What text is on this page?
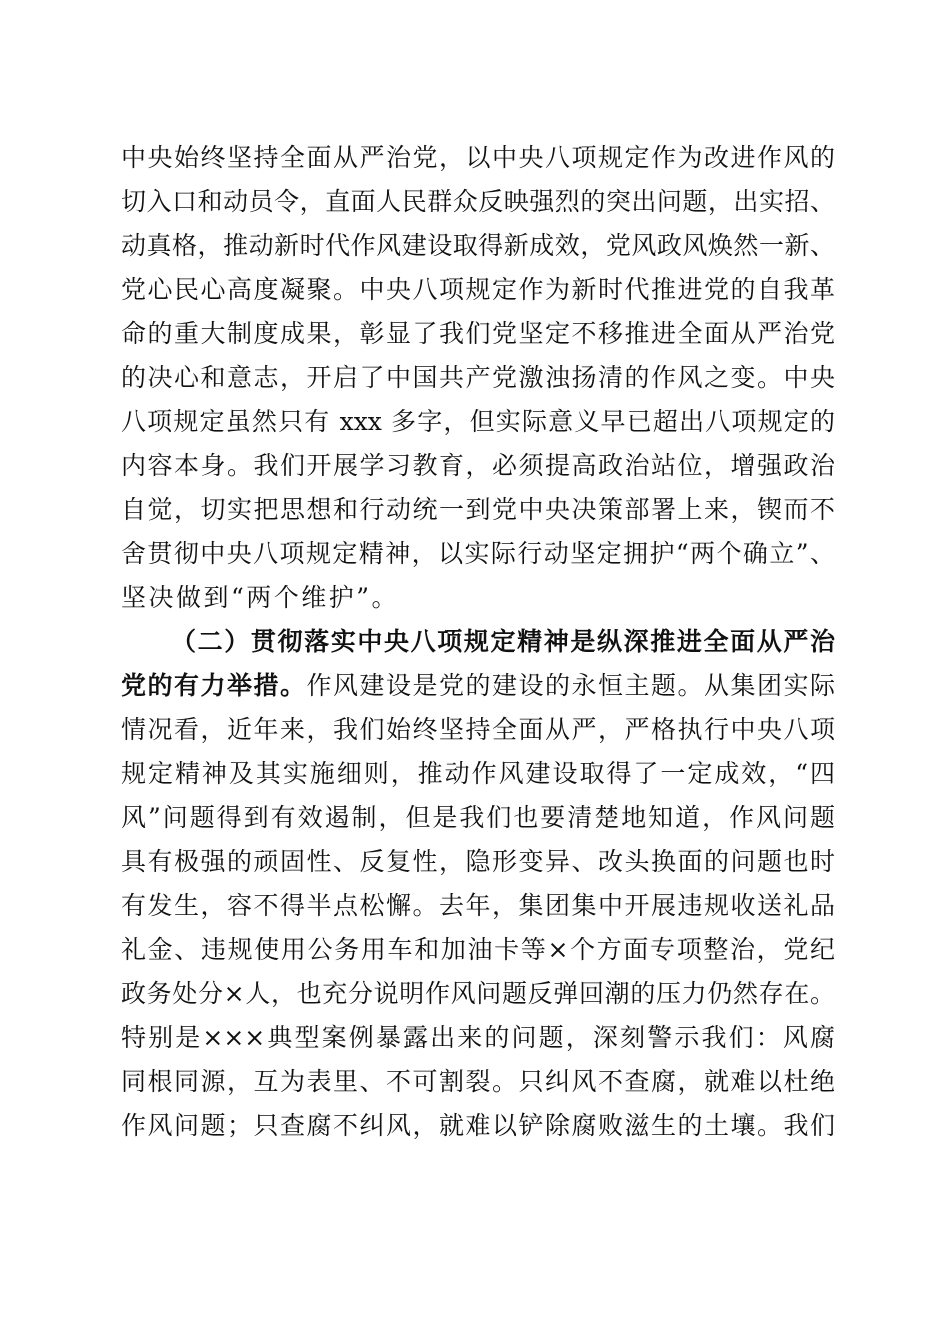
中央始终坚持全面从严治党，以中央八项规定作为改进作风的
切入口和动员令，直面人民群众反映强烈的突出问题，出实招、
动真格，推动新时代作风建设取得新成效，党风政风焕然一新、
党心民心高度凝聚。中央八项规定作为新时代推进党的自我革
命的重大制度成果，彰显了我们党坚定不移推进全面从严治党
的决心和意志，开启了中国共产党激浊扬清的作风之变。中央
八项规定虽然只有 xxx 多字，但实际意义早已超出八项规定的
内容本身。我们开展学习教育，必须提高政治站位，增强政治
自觉，切实把思想和行动统一到党中央决策部署上来，锲而不
舍贯彻中央八项规定精神，以实际行动坚定拥护“两个确立”、
坚决做到“两个维护”。
（二）贯彻落实中央八项规定精神是纵深推进全面从严治
党的有力举措。作风建设是党的建设的永恒主题。从集团实际
情况看，近年来，我们始终坚持全面从严，严格执行中央八项
规定精神及其实施细则，推动作风建设取得了一定成效，“四
风”问题得到有效遏制，但是我们也要清楚地知道，作风问题
具有极强的顽固性、反复性，隐形变异、改头换面的问题也时
有发生，容不得半点松懈。去年，集团集中开展违规收送礼品
礼金、违规使用公务用车和加油卡等×个方面专项整治，党纪
政务处分×人，也充分说明作风问题反弹回潮的压力仍然存在。
特别是×××典型案例暴露出来的问题，深刻警示我们：风腐
同根同源，互为表里、不可割裂。只纠风不查腐，就难以杜绝
作风问题；只查腐不纠风，就难以铲除腐败滋生的土壤。我们
